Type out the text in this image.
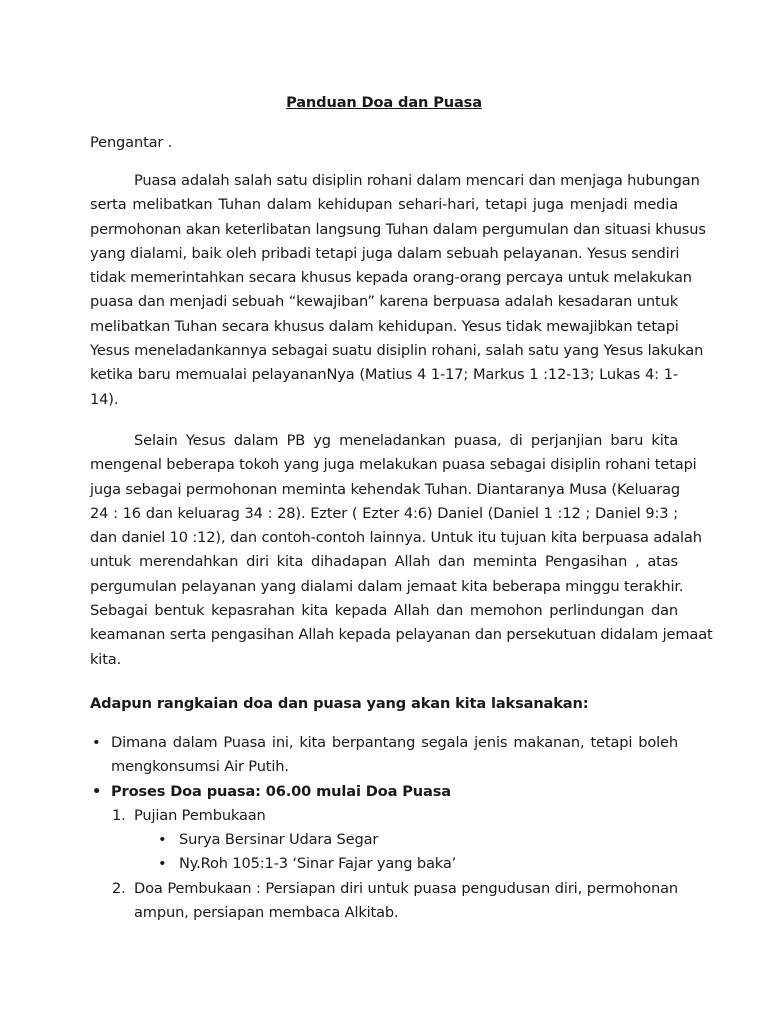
Panduan Doa dan Puasa
Pengantar .
Puasa adalah salah satu disiplin rohani dalam mencari dan menjaga hubungan
serta melibatkan Tuhan dalam kehidupan sehari-hari, tetapi juga menjadi media
permohonan akan keterlibatan langsung Tuhan dalam pergumulan dan situasi khusus
yang dialami, baik oleh pribadi tetapi juga dalam sebuah pelayanan. Yesus sendiri
tidak memerintahkan secara khusus kepada orang-orang percaya untuk melakukan
puasa dan menjadi sebuah “kewajiban” karena berpuasa adalah kesadaran untuk
melibatkan Tuhan secara khusus dalam kehidupan. Yesus tidak mewajibkan tetapi
Yesus meneladankannya sebagai suatu disiplin rohani, salah satu yang Yesus lakukan
ketika baru memualai pelayananNya (Matius 4 1-17; Markus 1 :12-13; Lukas 4: 1-
14).
Selain Yesus dalam PB yg meneladankan puasa, di perjanjian baru kita
mengenal beberapa tokoh yang juga melakukan puasa sebagai disiplin rohani tetapi
juga sebagai permohonan meminta kehendak Tuhan. Diantaranya Musa (Keluarag
24 : 16 dan keluarag 34 : 28). Ezter ( Ezter 4:6) Daniel (Daniel 1 :12 ; Daniel 9:3 ;
dan daniel 10 :12), dan contoh-contoh lainnya. Untuk itu tujuan kita berpuasa adalah
untuk merendahkan diri kita dihadapan Allah dan meminta Pengasihan , atas
pergumulan pelayanan yang dialami dalam jemaat kita beberapa minggu terakhir.
Sebagai bentuk kepasrahan kita kepada Allah dan memohon perlindungan dan
keamanan serta pengasihan Allah kepada pelayanan dan persekutuan didalam jemaat
kita.
Adapun rangkaian doa dan puasa yang akan kita laksanakan:
• Dimana dalam Puasa ini, kita berpantang segala jenis makanan, tetapi boleh
mengkonsumsi Air Putih.
• Proses Doa puasa: 06.00 mulai Doa Puasa
1. Pujian Pembukaan
• Surya Bersinar Udara Segar
• Ny.Roh 105:1-3 ‘Sinar Fajar yang baka’
2. Doa Pembukaan : Persiapan diri untuk puasa pengudusan diri, permohonan
ampun, persiapan membaca Alkitab.
